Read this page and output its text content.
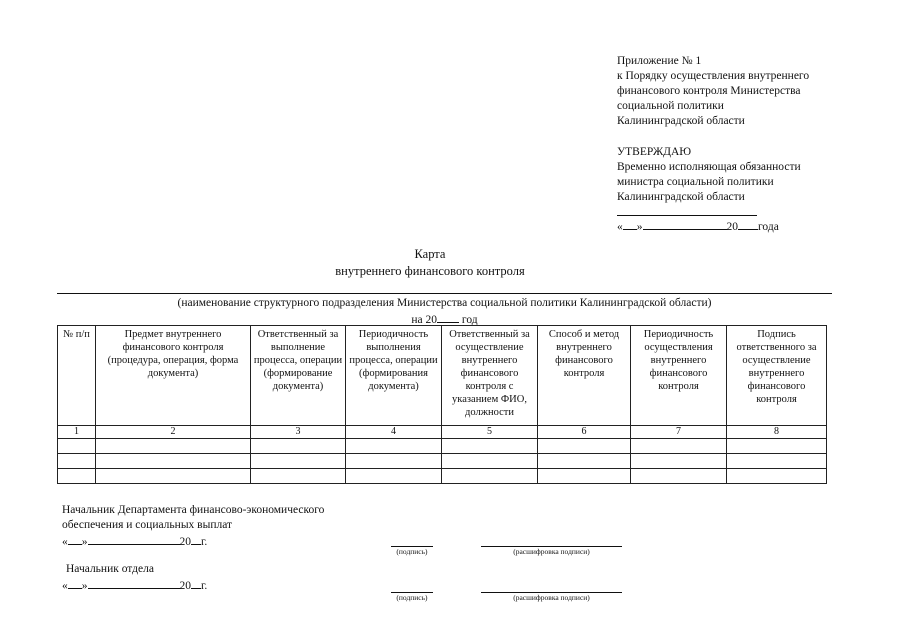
Приложение № 1
к Порядку осуществления внутреннего
финансового контроля Министерства
социальной политики
Калининградской области
УТВЕРЖДАЮ
Временно исполняющая обязанности
министра социальной политики
Калининградской области
« »	20 года
Карта
внутреннего финансового контроля
(наименование структурного подразделения Министерства социальной политики Калининградской области)
на 20 год
№ п/п	Предмет внутреннего финансового контроля (процедура, операция, форма документа)	Ответственный за выполнение процесса, операции (формирование документа)	Периодичность выполнения процесса, операции (формирования документа)	Ответственный за осуществление внутреннего финансового контроля с указанием ФИО, должности	Способ и метод внутреннего финансового контроля	Периодичность осуществления внутреннего финансового контроля	Подпись ответственного за осуществление внутреннего финансового контроля

1	2	3	4	5	6	7	8

Начальник Департамента финансово-экономического
обеспечения и социальных выплат
« »	20 г.
(подпись)	(расшифровка подписи)
Начальник отдела
« »	20 г.
(подпись)	(расшифровка подписи)
